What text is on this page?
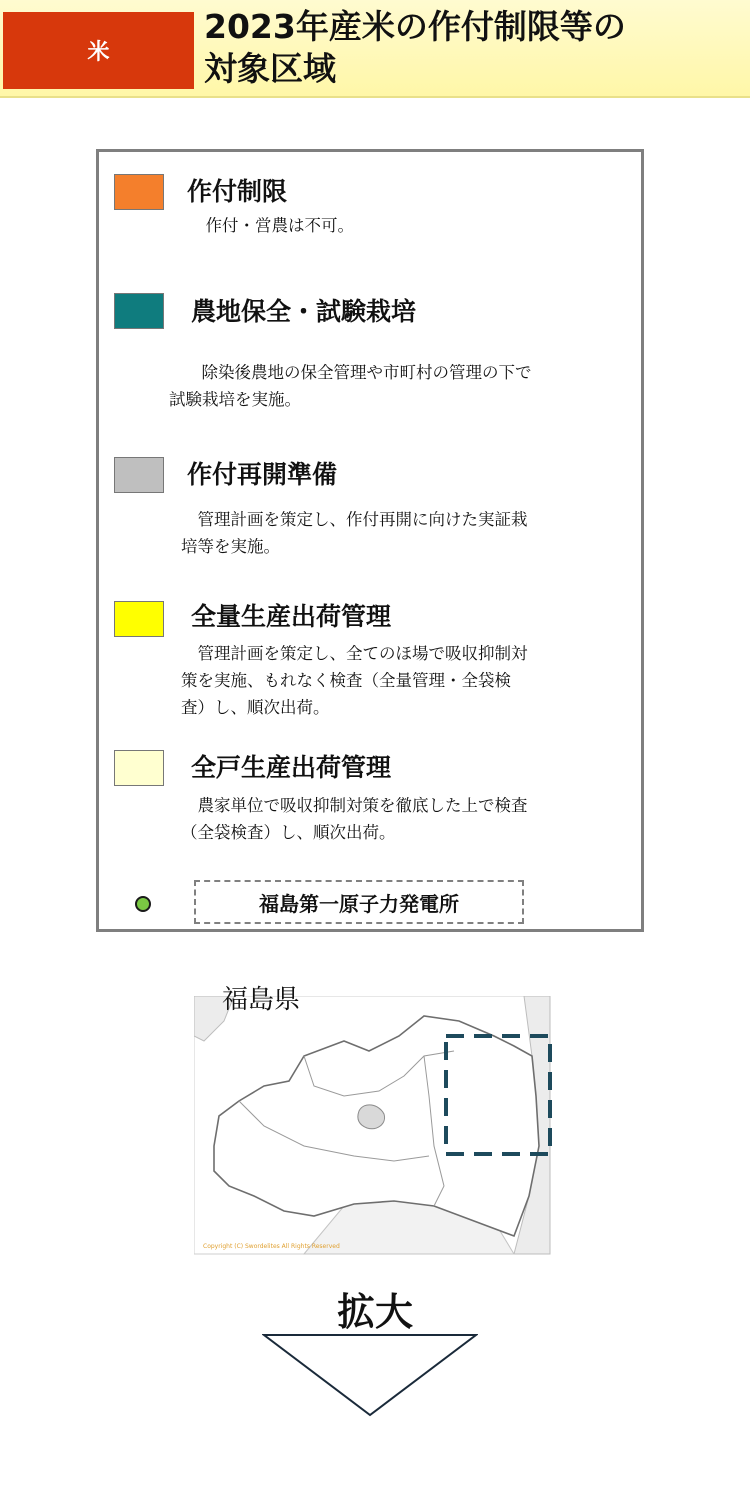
米
2023年産米の作付制限等の
対象区域
作付制限
作付・営農は不可。
農地保全・試験栽培
除染後農地の保全管理や市町村の管理の下で
試験栽培を実施。
作付再開準備
管理計画を策定し、作付再開に向けた実証栽
培等を実施。
全量生産出荷管理
管理計画を策定し、全てのほ場で吸収抑制対
策を実施、もれなく検査（全量管理・全袋検
査）し、順次出荷。
全戸生産出荷管理
農家単位で吸収抑制対策を徹底した上で検査
（全袋検査）し、順次出荷。
福島第一原子力発電所
福島県
Copyright (C) Swordelites All Rights Reserved
拡大
